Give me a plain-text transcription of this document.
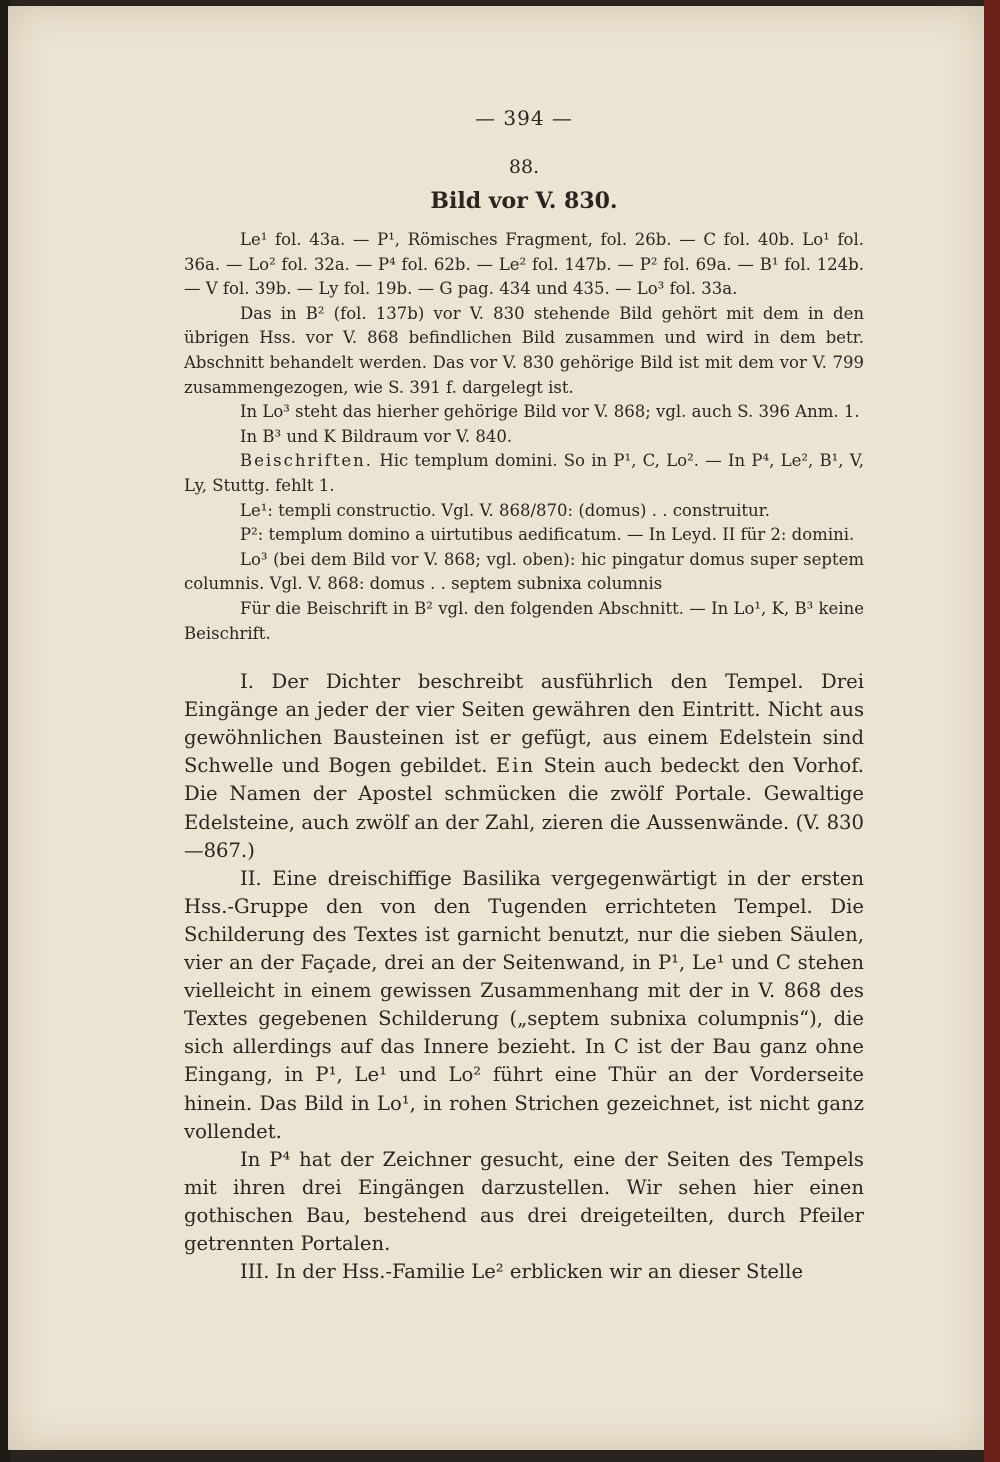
— 394 —
88.
Bild vor V. 830.

Le¹ fol. 43a. — P¹, Römisches Fragment, fol. 26b. — C fol. 40b. Lo¹ fol. 36a. — Lo² fol. 32a. — P⁴ fol. 62b. — Le² fol. 147b. — P² fol. 69a. — B¹ fol. 124b. — V fol. 39b. — Ly fol. 19b. — G pag. 434 und 435. — Lo³ fol. 33a.

Das in B² (fol. 137b) vor V. 830 stehende Bild gehört mit dem in den übrigen Hss. vor V. 868 befindlichen Bild zusammen und wird in dem betr. Abschnitt behandelt werden. Das vor V. 830 gehörige Bild ist mit dem vor V. 799 zusammengezogen, wie S. 391 f. dargelegt ist.

In Lo³ steht das hierher gehörige Bild vor V. 868; vgl. auch S. 396 Anm. 1.

In B³ und K Bildraum vor V. 840.

Beischriften. Hic templum domini. So in P¹, C, Lo². — In P⁴, Le², B¹, V, Ly, Stuttg. fehlt 1.

Le¹: templi constructio. Vgl. V. 868/870: (domus) . . construitur.

P²: templum domino a uirtutibus aedificatum. — In Leyd. II für 2: domini.

Lo³ (bei dem Bild vor V. 868; vgl. oben): hic pingatur domus super septem columnis. Vgl. V. 868: domus . . septem subnixa columnis

Für die Beischrift in B² vgl. den folgenden Abschnitt. — In Lo¹, K, B³ keine Beischrift.

I. Der Dichter beschreibt ausführlich den Tempel. Drei Eingänge an jeder der vier Seiten gewähren den Eintritt. Nicht aus gewöhnlichen Bausteinen ist er gefügt, aus einem Edelstein sind Schwelle und Bogen gebildet. Ein Stein auch bedeckt den Vorhof. Die Namen der Apostel schmücken die zwölf Portale. Gewaltige Edelsteine, auch zwölf an der Zahl, zieren die Aussenwände. (V. 830—867.)

II. Eine dreischiffige Basilika vergegenwärtigt in der ersten Hss.-Gruppe den von den Tugenden errichteten Tempel. Die Schilderung des Textes ist garnicht benutzt, nur die sieben Säulen, vier an der Façade, drei an der Seitenwand, in P¹, Le¹ und C stehen vielleicht in einem gewissen Zusammenhang mit der in V. 868 des Textes gegebenen Schilderung („septem subnixa columpnis“), die sich allerdings auf das Innere bezieht. In C ist der Bau ganz ohne Eingang, in P¹, Le¹ und Lo² führt eine Thür an der Vorderseite hinein. Das Bild in Lo¹, in rohen Strichen gezeichnet, ist nicht ganz vollendet.

In P⁴ hat der Zeichner gesucht, eine der Seiten des Tempels mit ihren drei Eingängen darzustellen. Wir sehen hier einen gothischen Bau, bestehend aus drei dreigeteilten, durch Pfeiler getrennten Portalen.

III. In der Hss.-Familie Le² erblicken wir an dieser Stelle
